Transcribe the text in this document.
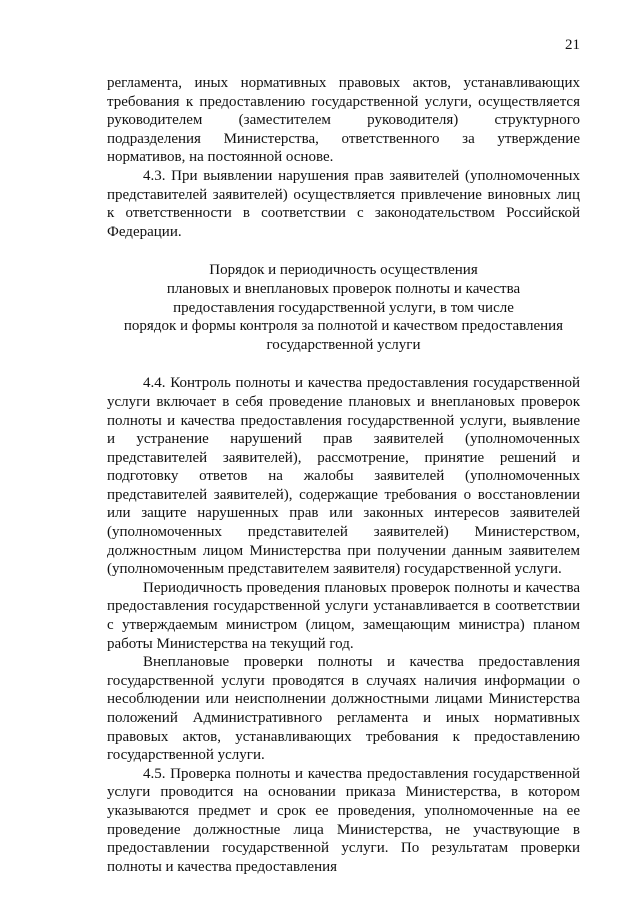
21

регламента, иных нормативных правовых актов, устанавливающих требования к предоставлению государственной услуги, осуществляется руководителем (заместителем руководителя) структурного подразделения Министерства, ответственного за утверждение нормативов, на постоянной основе.

4.3. При выявлении нарушения прав заявителей (уполномоченных представителей заявителей) осуществляется привлечение виновных лиц к ответственности в соответствии с законодательством Российской Федерации.

Порядок и периодичность осуществления
плановых и внеплановых проверок полноты и качества
предоставления государственной услуги, в том числе
порядок и формы контроля за полнотой и качеством предоставления
государственной услуги

4.4. Контроль полноты и качества предоставления государственной услуги включает в себя проведение плановых и внеплановых проверок полноты и качества предоставления государственной услуги, выявление и устранение нарушений прав заявителей (уполномоченных представителей заявителей), рассмотрение, принятие решений и подготовку ответов на жалобы заявителей (уполномоченных представителей заявителей), содержащие требования о восстановлении или защите нарушенных прав или законных интересов заявителей (уполномоченных представителей заявителей) Министерством, должностным лицом Министерства при получении данным заявителем (уполномоченным представителем заявителя) государственной услуги.

Периодичность проведения плановых проверок полноты и качества предоставления государственной услуги устанавливается в соответствии с утверждаемым министром (лицом, замещающим министра) планом работы Министерства на текущий год.

Внеплановые проверки полноты и качества предоставления государственной услуги проводятся в случаях наличия информации о несоблюдении или неисполнении должностными лицами Министерства положений Административного регламента и иных нормативных правовых актов, устанавливающих требования к предоставлению государственной услуги.

4.5. Проверка полноты и качества предоставления государственной услуги проводится на основании приказа Министерства, в котором указываются предмет и срок ее проведения, уполномоченные на ее проведение должностные лица Министерства, не участвующие в предоставлении государственной услуги. По результатам проверки полноты и качества предоставления
